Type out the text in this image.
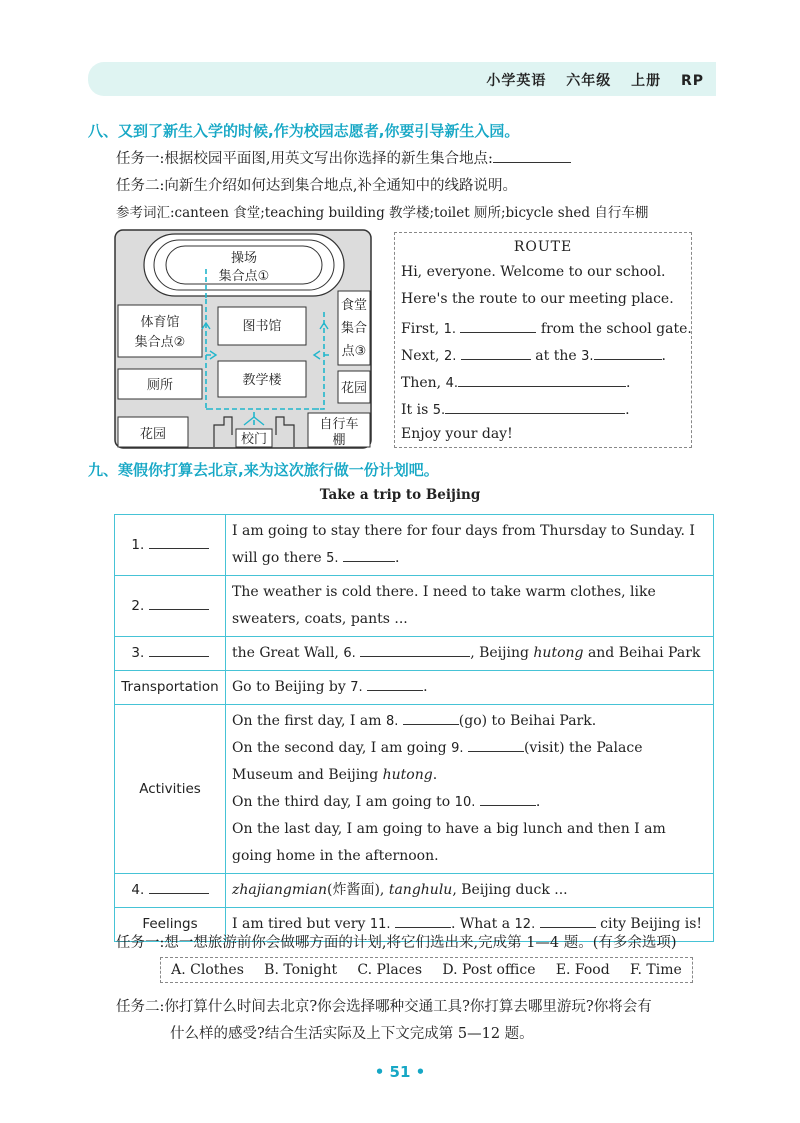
小学英语 六年级 上册 RP
八、又到了新生入学的时候,作为校园志愿者,你要引导新生入园。
任务一:根据校园平面图,用英文写出你选择的新生集合地点:
任务二:向新生介绍如何达到集合地点,补全通知中的线路说明。
参考词汇:canteen 食堂;teaching building 教学楼;toilet 厕所;bicycle shed 自行车棚
操场
集合点①
体育馆
集合点②
图书馆
食堂
集合
点③
厕所	教学楼
花园
花园	校门
自行车
棚
ROUTE
Hi, everyone. Welcome to our school.
Here's the route to our meeting place.
First, 1.	from the school gate.
Next, 2.	at the 3.	.
Then, 4.	.
It is 5.	.
Enjoy your day!
九、寒假你打算去北京,来为这次旅行做一份计划吧。
Take a trip to Beijing
1.	I am going to stay there for four days from Thursday to Sunday. I will go there 5. .
2.	The weather is cold there. I need to take warm clothes, like sweaters, coats, pants ...
3.	the Great Wall, 6. , Beijing hutong and Beihai Park
Transportation	Go to Beijing by 7. .
Activities	On the first day, I am 8. (go) to Beihai Park.
On the second day, I am going 9. (visit) the Palace Museum and Beijing hutong.
On the third day, I am going to 10. .
On the last day, I am going to have a big lunch and then I am going home in the afternoon.

4.	zhajiangmian(炸酱面), tanghulu, Beijing duck ...
Feelings	I am tired but very 11. . What a 12. city Beijing is!
任务一:想一想旅游前你会做哪方面的计划,将它们选出来,完成第 1—4 题。(有多余选项)
A. Clothes B. Tonight C. Places D. Post office E. Food F. Time
任务二:你打算什么时间去北京?你会选择哪种交通工具?你打算去哪里游玩?你将会有
什么样的感受?结合生活实际及上下文完成第 5—12 题。
• 51 •
